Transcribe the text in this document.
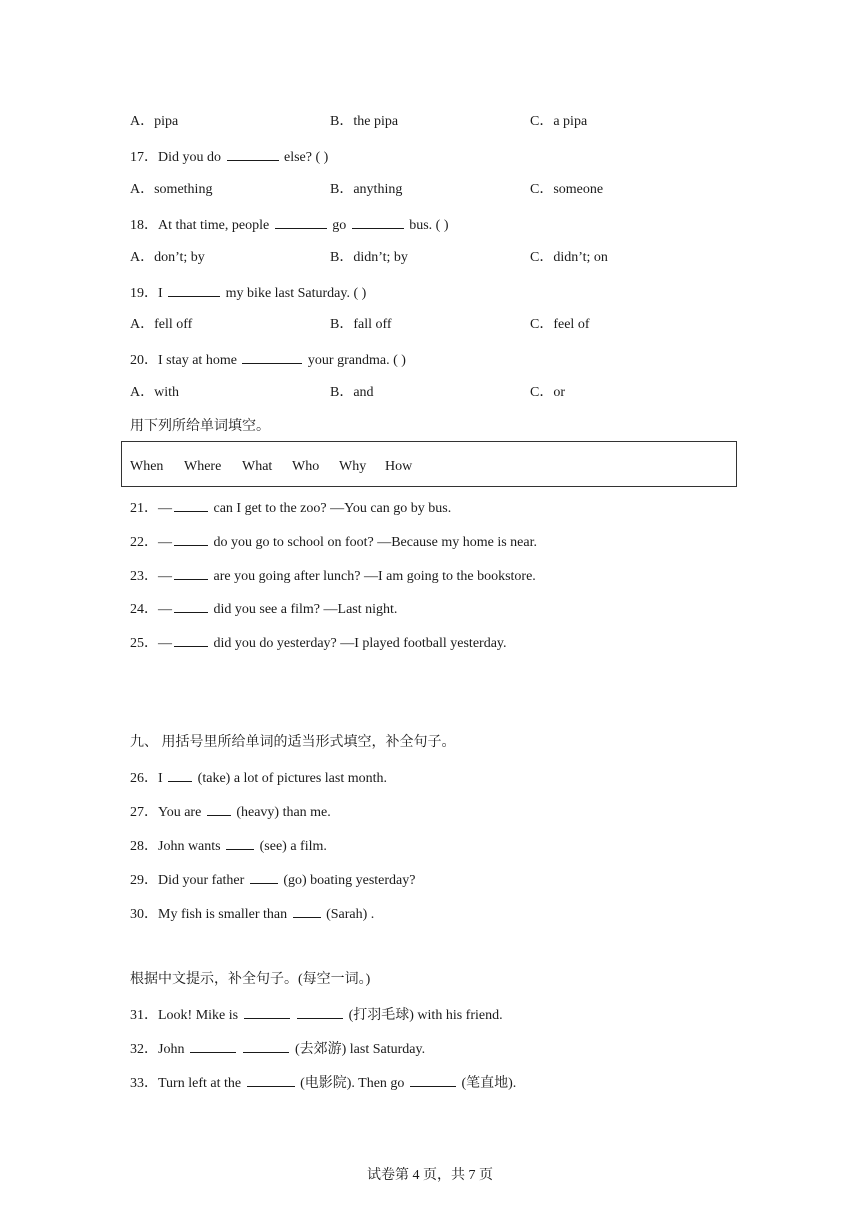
A．pipa	B．the pipa	C．a pipa
17．Did you do	else? ( )
A．something	B．anything	C．someone
18．At that time, people	go	bus. ( )
A．don’t; by	B．didn’t; by	C．didn’t; on
19．I	my bike last Saturday. ( )
A．fell off	B．fall off	C．feel of
20．I stay at home	your grandma. ( )
A．with	B．and	C．or
用下列所给单词填空。
When Where What Who Why How
21．—	can I get to the zoo? —You can go by bus.
22．—	do you go to school on foot? —Because my home is near.
23．—	are you going after lunch? —I am going to the bookstore.
24．—	did you see a film? —Last night.
25．—	did you do yesterday? —I played football yesterday.
九、 用括号里所给单词的适当形式填空，补全句子。
26．I	(take) a lot of pictures last month.
27．You are	(heavy) than me.
28．John wants	(see) a film.
29．Did your father	(go) boating yesterday?
30．My fish is smaller than	(Sarah) .
根据中文提示，补全句子。(每空一词。)
31．Look! Mike is	(打羽毛球) with his friend.
32．John	(去郊游) last Saturday.
33．Turn left at the	(电影院). Then go	(笔直地).
试卷第 4 页，共 7 页
